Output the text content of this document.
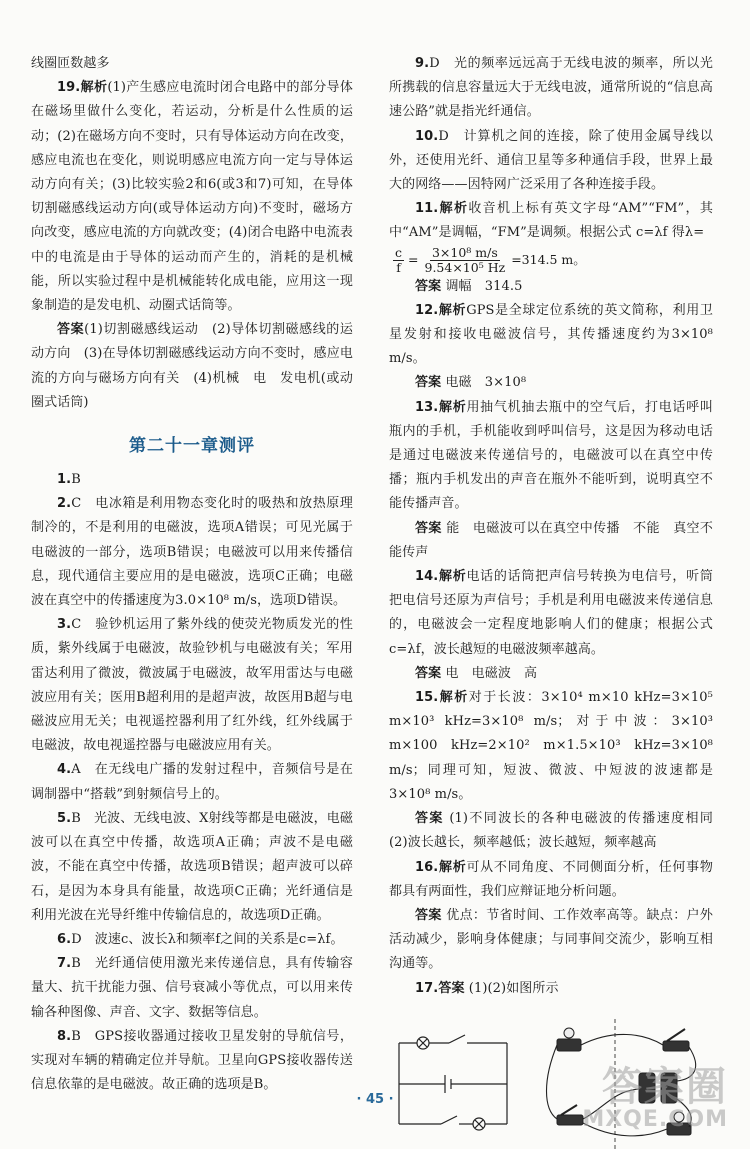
线圈匝数越多

19.解析(1)产生感应电流时闭合电路中的部分导体在磁场里做什么变化，若运动，分析是什么性质的运动；(2)在磁场方向不变时，只有导体运动方向在改变，感应电流也在变化，则说明感应电流方向一定与导体运动方向有关；(3)比较实验2和6(或3和7)可知，在导体切割磁感线运动方向(或导体运动方向)不变时，磁场方向改变，感应电流的方向就改变；(4)闭合电路中电流表中的电流是由于导体的运动而产生的，消耗的是机械能，所以实验过程中是机械能转化成电能，应用这一现象制造的是发电机、动圈式话筒等。

答案(1)切割磁感线运动　(2)导体切割磁感线的运动方向　(3)在导体切割磁感线运动方向不变时，感应电流的方向与磁场方向有关　(4)机械　电　发电机(或动圈式话筒)

第二十一章测评

1.B

2.C　电冰箱是利用物态变化时的吸热和放热原理制冷的，不是利用的电磁波，选项A错误；可见光属于电磁波的一部分，选项B错误；电磁波可以用来传播信息，现代通信主要应用的是电磁波，选项C正确；电磁波在真空中的传播速度为3.0×10⁸ m/s，选项D错误。

3.C　验钞机运用了紫外线的使荧光物质发光的性质，紫外线属于电磁波，故验钞机与电磁波有关；军用雷达利用了微波，微波属于电磁波，故军用雷达与电磁波应用有关；医用B超利用的是超声波，故医用B超与电磁波应用无关；电视遥控器利用了红外线，红外线属于电磁波，故电视遥控器与电磁波应用有关。

4.A　在无线电广播的发射过程中，音频信号是在调制器中“搭载”到射频信号上的。

5.B　光波、无线电波、X射线等都是电磁波，电磁波可以在真空中传播，故选项A正确；声波不是电磁波，不能在真空中传播，故选项B错误；超声波可以碎石，是因为本身具有能量，故选项C正确；光纤通信是利用光波在光导纤维中传输信息的，故选项D正确。

6.D　波速c、波长λ和频率f之间的关系是c=λf。

7.B　光纤通信使用激光来传递信息，具有传输容量大、抗干扰能力强、信号衰减小等优点，可以用来传输各种图像、声音、文字、数据等信息。

8.B　GPS接收器通过接收卫星发射的导航信号，实现对车辆的精确定位并导航。卫星向GPS接收器传送信息依靠的是电磁波。故正确的选项是B。

9.D　光的频率远远高于无线电波的频率，所以光所携载的信息容量远大于无线电波，通常所说的“信息高速公路”就是指光纤通信。

10.D　计算机之间的连接，除了使用金属导线以外，还使用光纤、通信卫星等多种通信手段，世界上最大的网络——因特网广泛采用了各种连接手段。

11.解析收音机上标有英文字母“AM”“FM”，其中“AM”是调幅，“FM”是调频。根据公式 c=λf 得λ=

$\frac{c}{f} = \frac{\text{3×10⁸ m/s}}{\text{9.54×10⁵ Hz}} =314.5$ m。

答案 调幅　314.5

12.解析GPS是全球定位系统的英文简称，利用卫星发射和接收电磁波信号，其传播速度约为3×10⁸ m/s。

答案 电磁　3×10⁸

13.解析用抽气机抽去瓶中的空气后，打电话呼叫瓶内的手机，手机能收到呼叫信号，这是因为移动电话是通过电磁波来传递信号的，电磁波可以在真空中传播；瓶内手机发出的声音在瓶外不能听到，说明真空不能传播声音。

答案 能　电磁波可以在真空中传播　不能　真空不能传声

14.解析电话的话筒把声信号转换为电信号，听筒把电信号还原为声信号；手机是利用电磁波来传递信息的，电磁波会一定程度地影响人们的健康；根据公式 c=λf，波长越短的电磁波频率越高。

答案 电　电磁波　高

15.解析对于长波：3×10⁴ m×10 kHz=3×10⁵ m×10³ kHz=3×10⁸ m/s；对于中波：3×10³ m×100 kHz=2×10² m×1.5×10³ kHz=3×10⁸ m/s；同理可知，短波、微波、中短波的波速都是3×10⁸ m/s。

答案 (1)不同波长的各种电磁波的传播速度相同　(2)波长越长，频率越低；波长越短，频率越高

16.解析可从不同角度、不同侧面分析，任何事物都具有两面性，我们应辩证地分析问题。

答案 优点：节省时间、工作效率高等。缺点：户外活动减少，影响身体健康；与同事间交流少，影响互相沟通等。

17.答案 (1)(2)如图所示

· 45 ·	答案圈
MXQE.COM
